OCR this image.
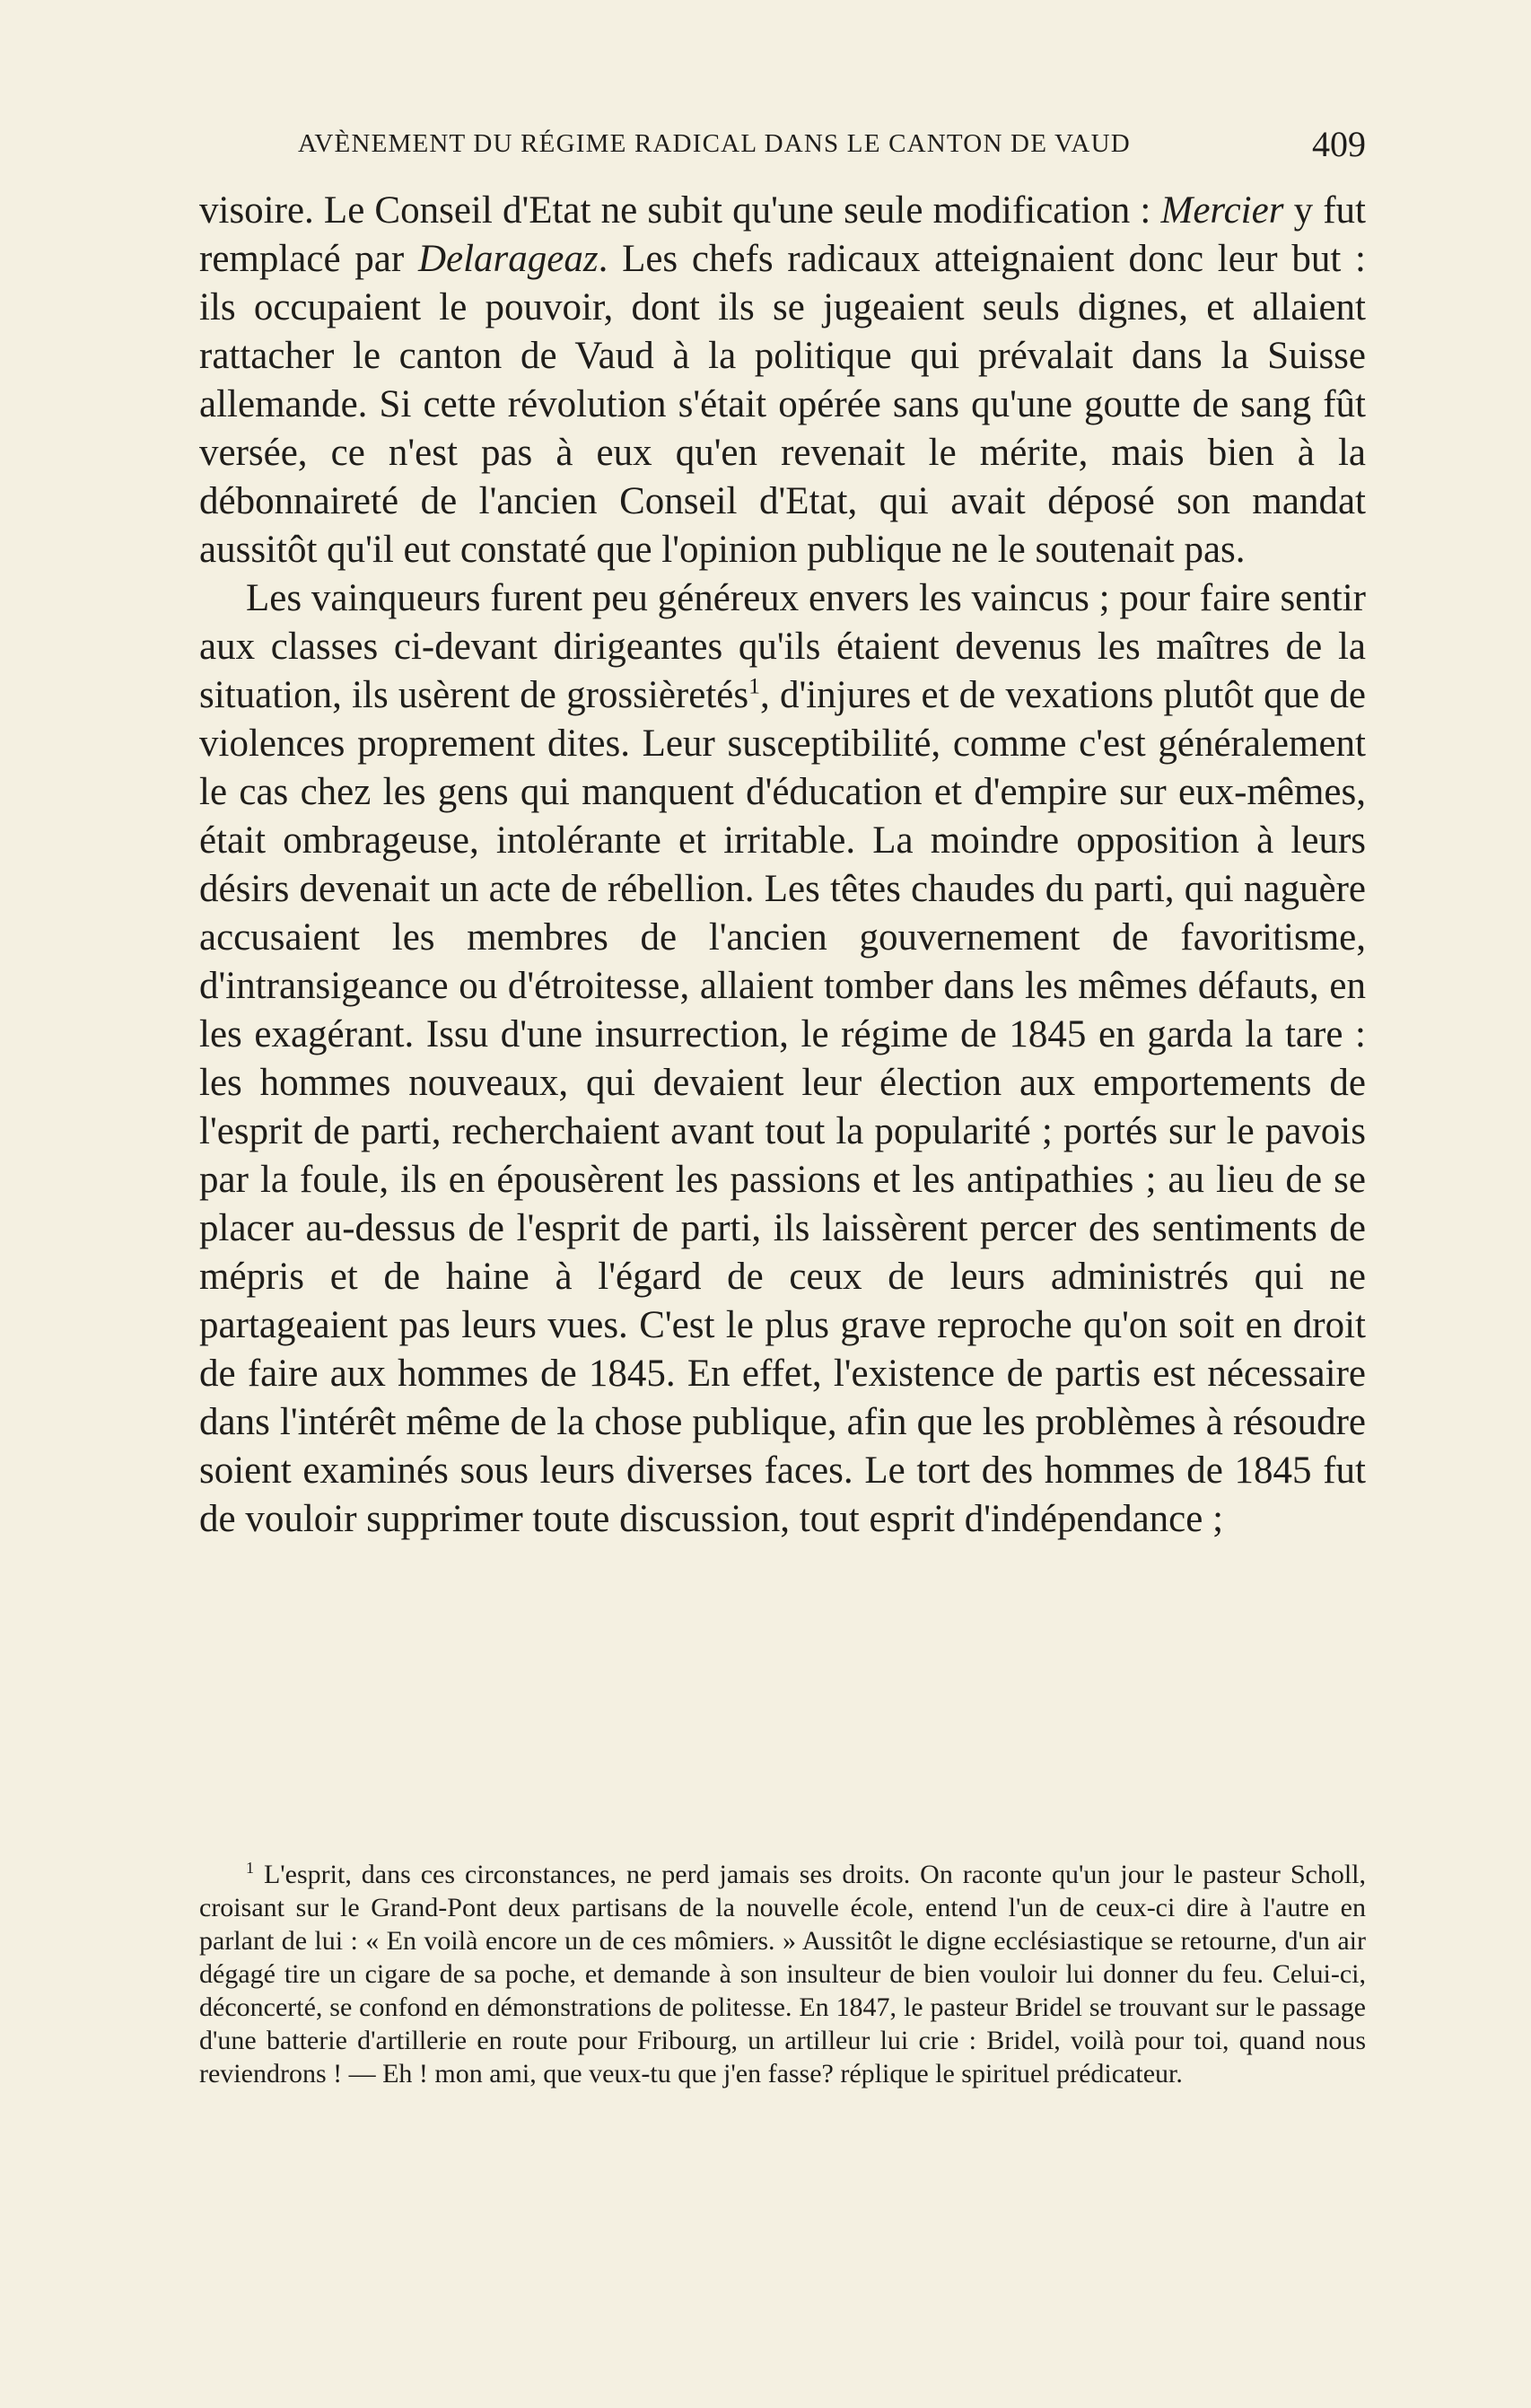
AVÈNEMENT DU RÉGIME RADICAL DANS LE CANTON DE VAUD	409

visoire. Le Conseil d'Etat ne subit qu'une seule modification : Mercier y fut remplacé par Delarageaz. Les chefs radicaux atteignaient donc leur but : ils occupaient le pouvoir, dont ils se jugeaient seuls dignes, et allaient rattacher le canton de Vaud à la politique qui prévalait dans la Suisse allemande. Si cette révolution s'était opérée sans qu'une goutte de sang fût versée, ce n'est pas à eux qu'en revenait le mérite, mais bien à la débonnaireté de l'ancien Conseil d'Etat, qui avait déposé son mandat aussitôt qu'il eut constaté que l'opinion publique ne le soutenait pas.

Les vainqueurs furent peu généreux envers les vaincus ; pour faire sentir aux classes ci-devant dirigeantes qu'ils étaient devenus les maîtres de la situation, ils usèrent de grossièretés$^1$, d'injures et de vexations plutôt que de violences proprement dites. Leur susceptibilité, comme c'est généralement le cas chez les gens qui manquent d'éducation et d'empire sur eux-mêmes, était ombrageuse, intolérante et irritable. La moindre opposition à leurs désirs devenait un acte de rébellion. Les têtes chaudes du parti, qui naguère accusaient les membres de l'ancien gouvernement de favoritisme, d'intransigeance ou d'étroitesse, allaient tomber dans les mêmes défauts, en les exagérant. Issu d'une insurrection, le régime de 1845 en garda la tare : les hommes nouveaux, qui devaient leur élection aux emportements de l'esprit de parti, recherchaient avant tout la popularité ; portés sur le pavois par la foule, ils en épousèrent les passions et les antipathies ; au lieu de se placer au-dessus de l'esprit de parti, ils laissèrent percer des sentiments de mépris et de haine à l'égard de ceux de leurs administrés qui ne partageaient pas leurs vues. C'est le plus grave reproche qu'on soit en droit de faire aux hommes de 1845. En effet, l'existence de partis est nécessaire dans l'intérêt même de la chose publique, afin que les problèmes à résoudre soient examinés sous leurs diverses faces. Le tort des hommes de 1845 fut de vouloir supprimer toute discussion, tout esprit d'indépendance ;

$^1$ L'esprit, dans ces circonstances, ne perd jamais ses droits. On raconte qu'un jour le pasteur Scholl, croisant sur le Grand-Pont deux partisans de la nouvelle école, entend l'un de ceux-ci dire à l'autre en parlant de lui : « En voilà encore un de ces mômiers. » Aussitôt le digne ecclésiastique se retourne, d'un air dégagé tire un cigare de sa poche, et demande à son insulteur de bien vouloir lui donner du feu. Celui-ci, déconcerté, se confond en démonstrations de politesse. En 1847, le pasteur Bridel se trouvant sur le passage d'une batterie d'artillerie en route pour Fribourg, un artilleur lui crie : Bridel, voilà pour toi, quand nous reviendrons ! — Eh ! mon ami, que veux-tu que j'en fasse? réplique le spirituel prédicateur.
